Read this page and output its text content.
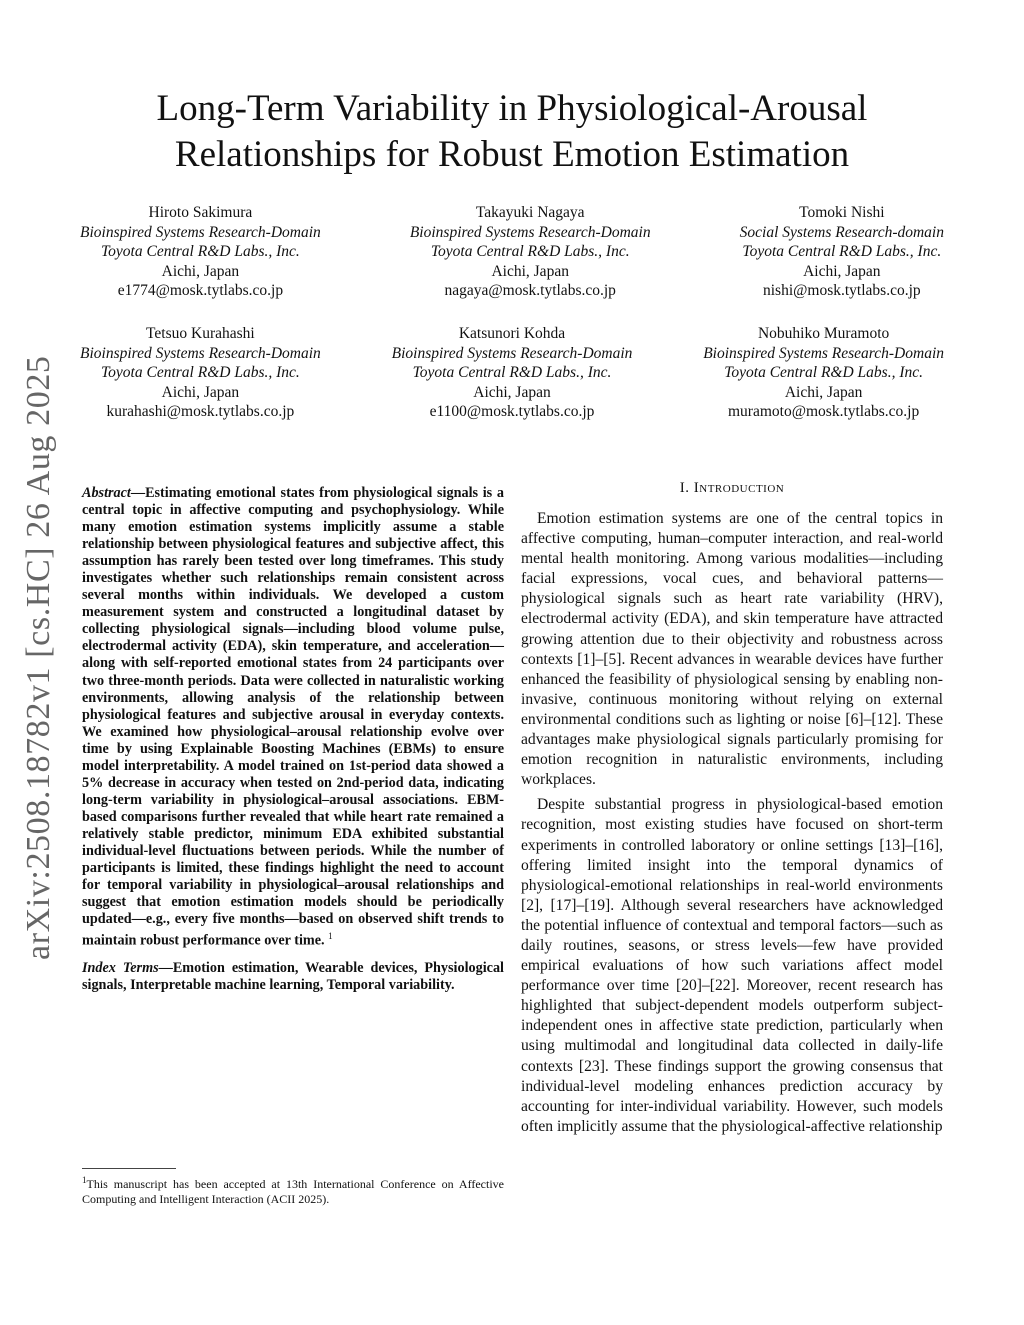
arXiv:2508.18782v1 [cs.HC] 26 Aug 2025
Long-Term Variability in Physiological-Arousal
Relationships for Robust Emotion Estimation
Hiroto Sakimura
Bioinspired Systems Research-Domain
Toyota Central R&D Labs., Inc.
Aichi, Japan
e1774@mosk.tytlabs.co.jp
Takayuki Nagaya
Bioinspired Systems Research-Domain
Toyota Central R&D Labs., Inc.
Aichi, Japan
nagaya@mosk.tytlabs.co.jp
Tomoki Nishi
Social Systems Research-domain
Toyota Central R&D Labs., Inc.
Aichi, Japan
nishi@mosk.tytlabs.co.jp
Tetsuo Kurahashi
Bioinspired Systems Research-Domain
Toyota Central R&D Labs., Inc.
Aichi, Japan
kurahashi@mosk.tytlabs.co.jp
Katsunori Kohda
Bioinspired Systems Research-Domain
Toyota Central R&D Labs., Inc.
Aichi, Japan
e1100@mosk.tytlabs.co.jp
Nobuhiko Muramoto
Bioinspired Systems Research-Domain
Toyota Central R&D Labs., Inc.
Aichi, Japan
muramoto@mosk.tytlabs.co.jp

Abstract—Estimating emotional states from physiological signals is a central topic in affective computing and psychophysiology. While many emotion estimation systems implicitly assume a stable relationship between physiological features and subjective affect, this assumption has rarely been tested over long timeframes. This study investigates whether such relationships remain consistent across several months within individuals. We developed a custom measurement system and constructed a longitudinal dataset by collecting physiological signals—including blood volume pulse, electrodermal activity (EDA), skin temperature, and acceleration—along with self-reported emotional states from 24 participants over two three-month periods. Data were collected in naturalistic working environments, allowing analysis of the relationship between physiological features and subjective arousal in everyday contexts. We examined how physiological–arousal relationship evolve over time by using Explainable Boosting Machines (EBMs) to ensure model interpretability. A model trained on 1st-period data showed a 5% decrease in accuracy when tested on 2nd-period data, indicating long-term variability in physiological–arousal associations. EBM-based comparisons further revealed that while heart rate remained a relatively stable predictor, minimum EDA exhibited substantial individual-level fluctuations between periods. While the number of participants is limited, these findings highlight the need to account for temporal variability in physiological–arousal relationships and suggest that emotion estimation models should be periodically updated—e.g., every five months—based on observed shift trends to maintain robust performance over time. $^1$

Index Terms—Emotion estimation, Wearable devices, Physiological signals, Interpretable machine learning, Temporal variability.

$^1$This manuscript has been accepted at 13th International Conference on Affective Computing and Intelligent Interaction (ACII 2025).

I. Introduction

Emotion estimation systems are one of the central topics in affective computing, human–computer interaction, and real-world mental health monitoring. Among various modalities—including facial expressions, vocal cues, and behavioral patterns—physiological signals such as heart rate variability (HRV), electrodermal activity (EDA), and skin temperature have attracted growing attention due to their objectivity and robustness across contexts [1]–[5]. Recent advances in wearable devices have further enhanced the feasibility of physiological sensing by enabling non-invasive, continuous monitoring without relying on external environmental conditions such as lighting or noise [6]–[12]. These advantages make physiological signals particularly promising for emotion recognition in naturalistic environments, including workplaces.

Despite substantial progress in physiological-based emotion recognition, most existing studies have focused on short-term experiments in controlled laboratory or online settings [13]–[16], offering limited insight into the temporal dynamics of physiological-emotional relationships in real-world environments [2], [17]–[19]. Although several researchers have acknowledged the potential influence of contextual and temporal factors—such as daily routines, seasons, or stress levels—few have provided empirical evaluations of how such variations affect model performance over time [20]–[22]. Moreover, recent research has highlighted that subject-dependent models outperform subject-independent ones in affective state prediction, particularly when using multimodal and longitudinal data collected in daily-life contexts [23]. These findings support the growing consensus that individual-level modeling enhances prediction accuracy by accounting for inter-individual variability. However, such models often implicitly assume that the physiological-affective relationship
